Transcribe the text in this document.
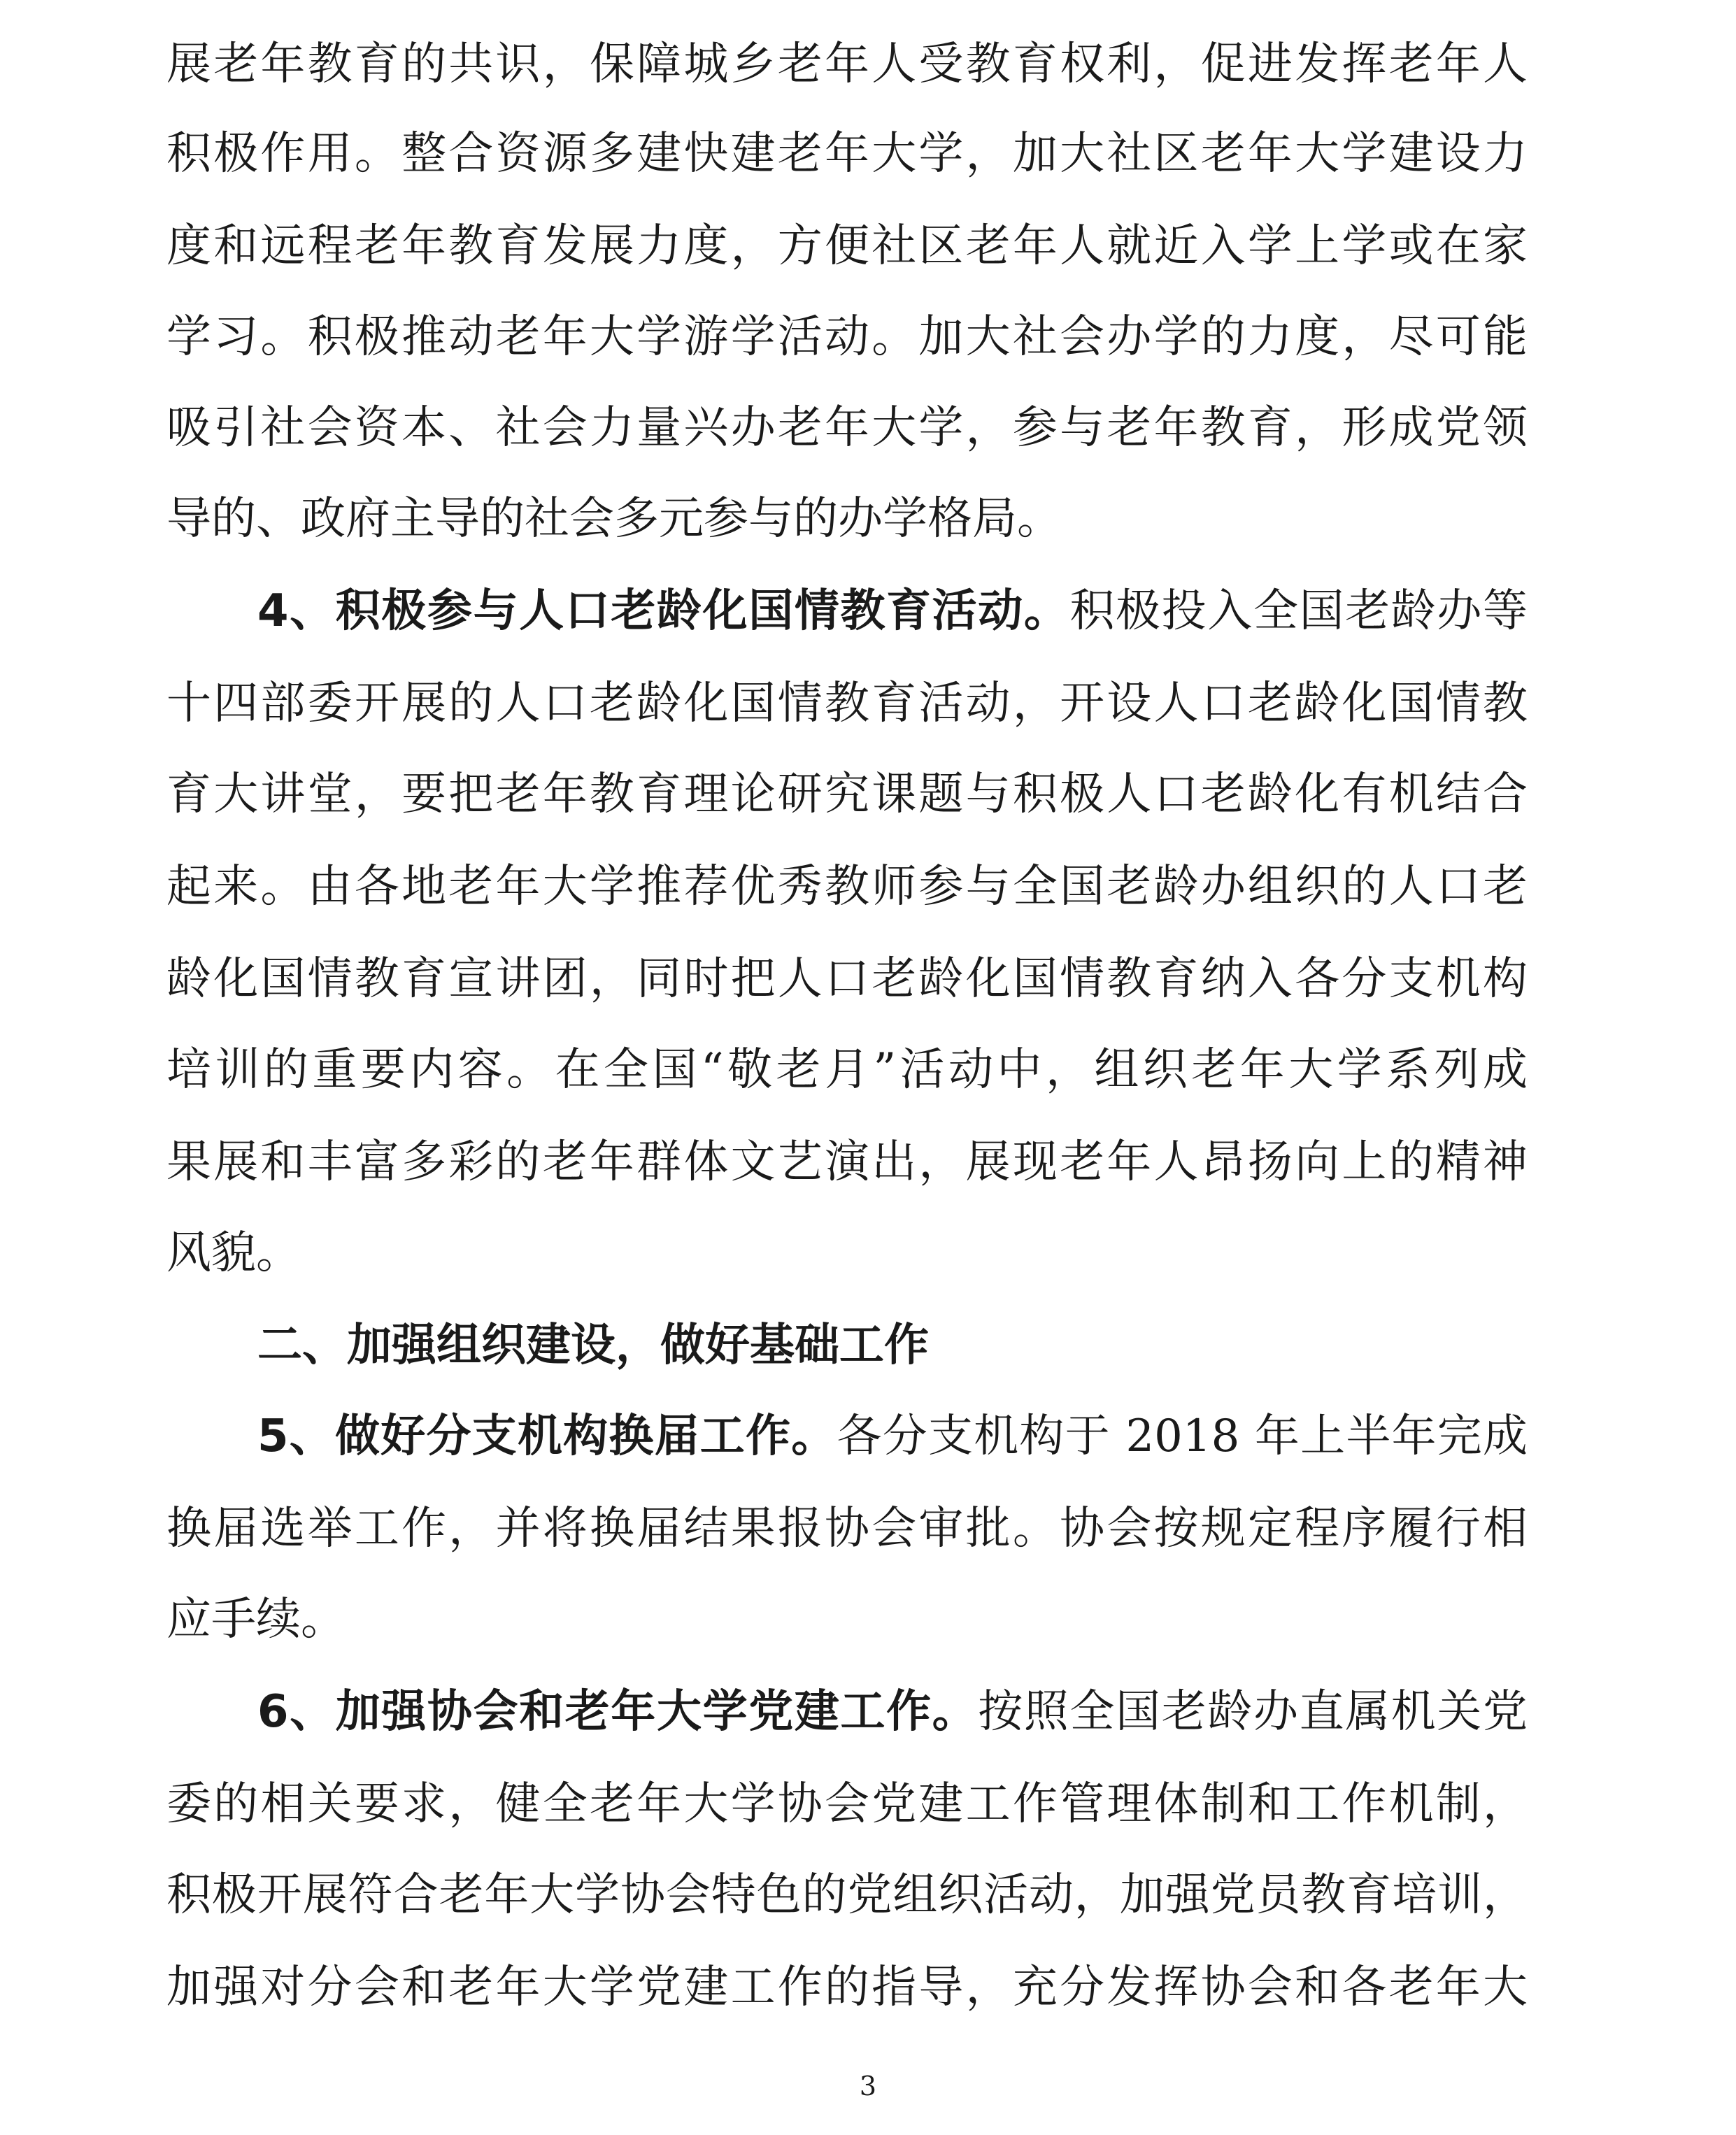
展老年教育的共识，保障城乡老年人受教育权利，促进发挥老年人
积极作用。整合资源多建快建老年大学，加大社区老年大学建设力
度和远程老年教育发展力度，方便社区老年人就近入学上学或在家
学习。积极推动老年大学游学活动。加大社会办学的力度，尽可能
吸引社会资本、社会力量兴办老年大学，参与老年教育，形成党领
导的、政府主导的社会多元参与的办学格局。
4、积极参与人口老龄化国情教育活动。积极投入全国老龄办等
十四部委开展的人口老龄化国情教育活动，开设人口老龄化国情教
育大讲堂，要把老年教育理论研究课题与积极人口老龄化有机结合
起来。由各地老年大学推荐优秀教师参与全国老龄办组织的人口老
龄化国情教育宣讲团，同时把人口老龄化国情教育纳入各分支机构
培训的重要内容。在全国“敬老月”活动中，组织老年大学系列成
果展和丰富多彩的老年群体文艺演出，展现老年人昂扬向上的精神
风貌。
二、加强组织建设，做好基础工作
5、做好分支机构换届工作。各分支机构于 2018 年上半年完成
换届选举工作，并将换届结果报协会审批。协会按规定程序履行相
应手续。
6、加强协会和老年大学党建工作。按照全国老龄办直属机关党
委的相关要求，健全老年大学协会党建工作管理体制和工作机制，
积极开展符合老年大学协会特色的党组织活动，加强党员教育培训，
加强对分会和老年大学党建工作的指导，充分发挥协会和各老年大
3
